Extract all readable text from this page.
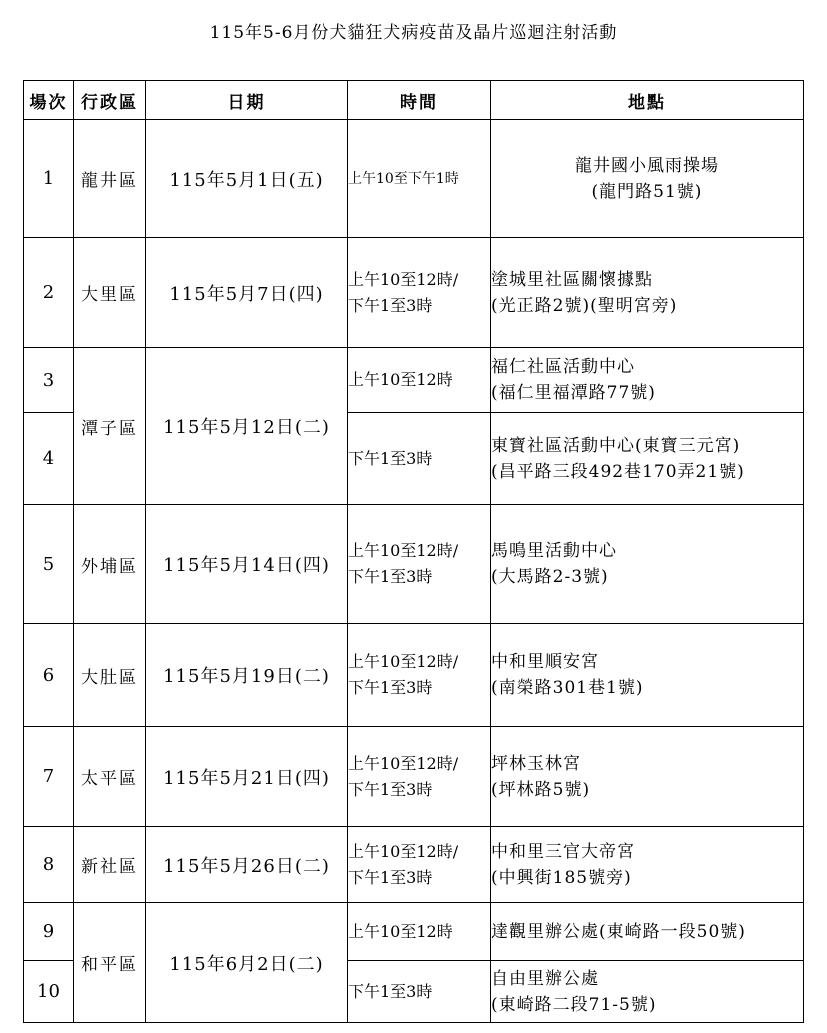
115年5-6月份犬貓狂犬病疫苗及晶片巡迴注射活動
場次	行政區	日期	時間	地點
1	龍井區	115年5月1日(五)	上午10至下午1時	龍井國小風雨操場
(龍門路51號)

2	大里區	115年5月7日(四)	上午10至12時/
下午1至3時	塗城里社區關懷據點
(光正路2號)(聖明宮旁)

3	潭子區	115年5月12日(二)	上午10至12時	福仁社區活動中心
(福仁里福潭路77號)

4			下午1至3時	東寶社區活動中心(東寶三元宮)
(昌平路三段492巷170弄21號)

5	外埔區	115年5月14日(四)	上午10至12時/
下午1至3時	馬鳴里活動中心
(大馬路2-3號)

6	大肚區	115年5月19日(二)	上午10至12時/
下午1至3時	中和里順安宮
(南榮路301巷1號)

7	太平區	115年5月21日(四)	上午10至12時/
下午1至3時	坪林玉林宮
(坪林路5號)

8	新社區	115年5月26日(二)	上午10至12時/
下午1至3時	中和里三官大帝宮
(中興街185號旁)

9	和平區	115年6月2日(二)	上午10至12時	達觀里辦公處(東崎路一段50號)

10			下午1至3時	自由里辦公處
(東崎路二段71-5號)
